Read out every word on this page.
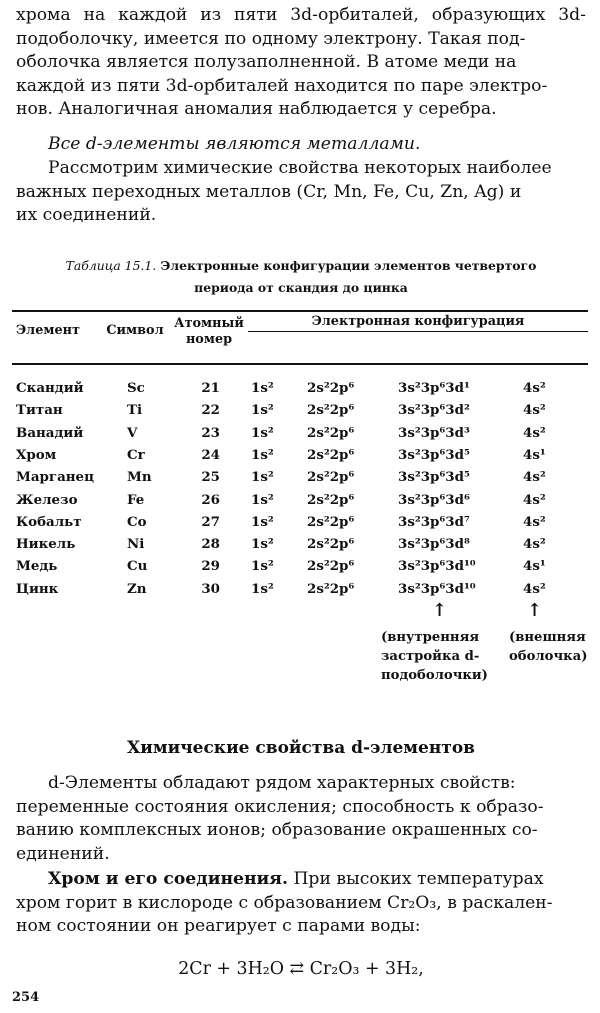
хрома на каждой из пяти 3d-орбиталей, образующих 3d-
подоболочку, имеется по одному электрону. Такая под-
оболочка является полузаполненной. В атоме меди на
каждой из пяти 3d-орбиталей находится по паре электро-
нов. Аналогичная аномалия наблюдается у серебра.

Все d-элементы являются металлами.

Рассмотрим химические свойства некоторых наиболее
важных переходных металлов (Cr, Mn, Fe, Cu, Zn, Ag) и
их соединений.

Таблица 15.1. Электронные конфигурации элементов четвертого
периода от скандия до цинка
Элемент	Символ Атомный
номер
Электронная конфигурация
Скандий	Sc	21 1s² 2s²2p⁶	3s²3p⁶3d¹	4s²
Титан	Ti	22 1s² 2s²2p⁶	3s²3p⁶3d²	4s²
Ванадий	V	23 1s² 2s²2p⁶	3s²3p⁶3d³	4s²
Хром	Cr	24 1s² 2s²2p⁶	3s²3p⁶3d⁵	4s¹
Марганец Mn	25 1s² 2s²2p⁶	3s²3p⁶3d⁵	4s²
Железо	Fe	26 1s² 2s²2p⁶	3s²3p⁶3d⁶	4s²
Кобальт	Co	27 1s² 2s²2p⁶	3s²3p⁶3d⁷	4s²
Никель	Ni	28 1s² 2s²2p⁶	3s²3p⁶3d⁸	4s²
Медь	Cu	29 1s² 2s²2p⁶	3s²3p⁶3d¹⁰	4s¹
Цинк	Zn	30 1s² 2s²2p⁶	3s²3p⁶3d¹⁰	4s²
↑	↑
(внутренняя
застройка d-
подоболочки)
(внешняя
оболочка)
Химические свойства d-элементов

d-Элементы обладают рядом характерных свойств:
переменные состояния окисления; способность к образо-
ванию комплексных ионов; образование окрашенных со-
единений.

Хром и его соединения. При высоких температурах
хром горит в кислороде с образованием Cr₂O₃, в раскален-
ном состоянии он реагирует с парами воды:

2Cr + 3H₂O ⇄ Cr₂O₃ + 3H₂,
254
